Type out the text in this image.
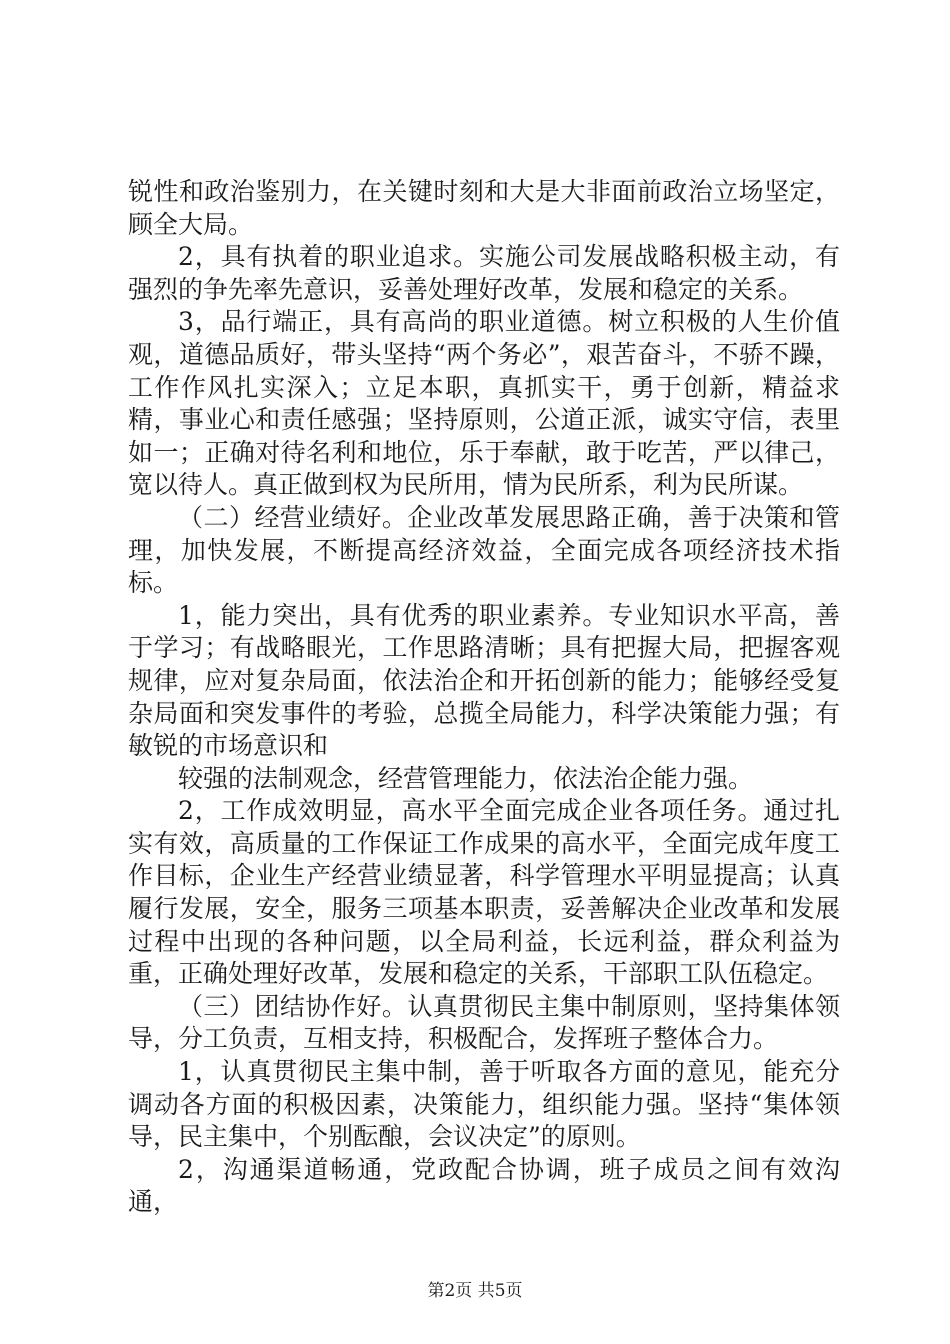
锐性和政治鉴别力，在关键时刻和大是大非面前政治立场坚定，顾全大局。

2，具有执着的职业追求。实施公司发展战略积极主动，有强烈的争先率先意识，妥善处理好改革，发展和稳定的关系。

3，品行端正，具有高尚的职业道德。树立积极的人生价值观，道德品质好，带头坚持“两个务必”，艰苦奋斗，不骄不躁，工作作风扎实深入；立足本职，真抓实干，勇于创新，精益求精，事业心和责任感强；坚持原则，公道正派，诚实守信，表里如一；正确对待名利和地位，乐于奉献，敢于吃苦，严以律己，宽以待人。真正做到权为民所用，情为民所系，利为民所谋。

（二）经营业绩好。企业改革发展思路正确，善于决策和管理，加快发展，不断提高经济效益，全面完成各项经济技术指标。

1，能力突出，具有优秀的职业素养。专业知识水平高，善于学习；有战略眼光，工作思路清晰；具有把握大局，把握客观规律，应对复杂局面，依法治企和开拓创新的能力；能够经受复杂局面和突发事件的考验，总揽全局能力，科学决策能力强；有敏锐的市场意识和

较强的法制观念，经营管理能力，依法治企能力强。

2，工作成效明显，高水平全面完成企业各项任务。通过扎实有效，高质量的工作保证工作成果的高水平，全面完成年度工作目标，企业生产经营业绩显著，科学管理水平明显提高；认真履行发展，安全，服务三项基本职责，妥善解决企业改革和发展过程中出现的各种问题，以全局利益，长远利益，群众利益为重，正确处理好改革，发展和稳定的关系，干部职工队伍稳定。

（三）团结协作好。认真贯彻民主集中制原则，坚持集体领导，分工负责，互相支持，积极配合，发挥班子整体合力。

1，认真贯彻民主集中制，善于听取各方面的意见，能充分调动各方面的积极因素，决策能力，组织能力强。坚持“集体领导，民主集中，个别酝酿，会议决定”的原则。

2，沟通渠道畅通，党政配合协调，班子成员之间有效沟通，

第2页 共5页
